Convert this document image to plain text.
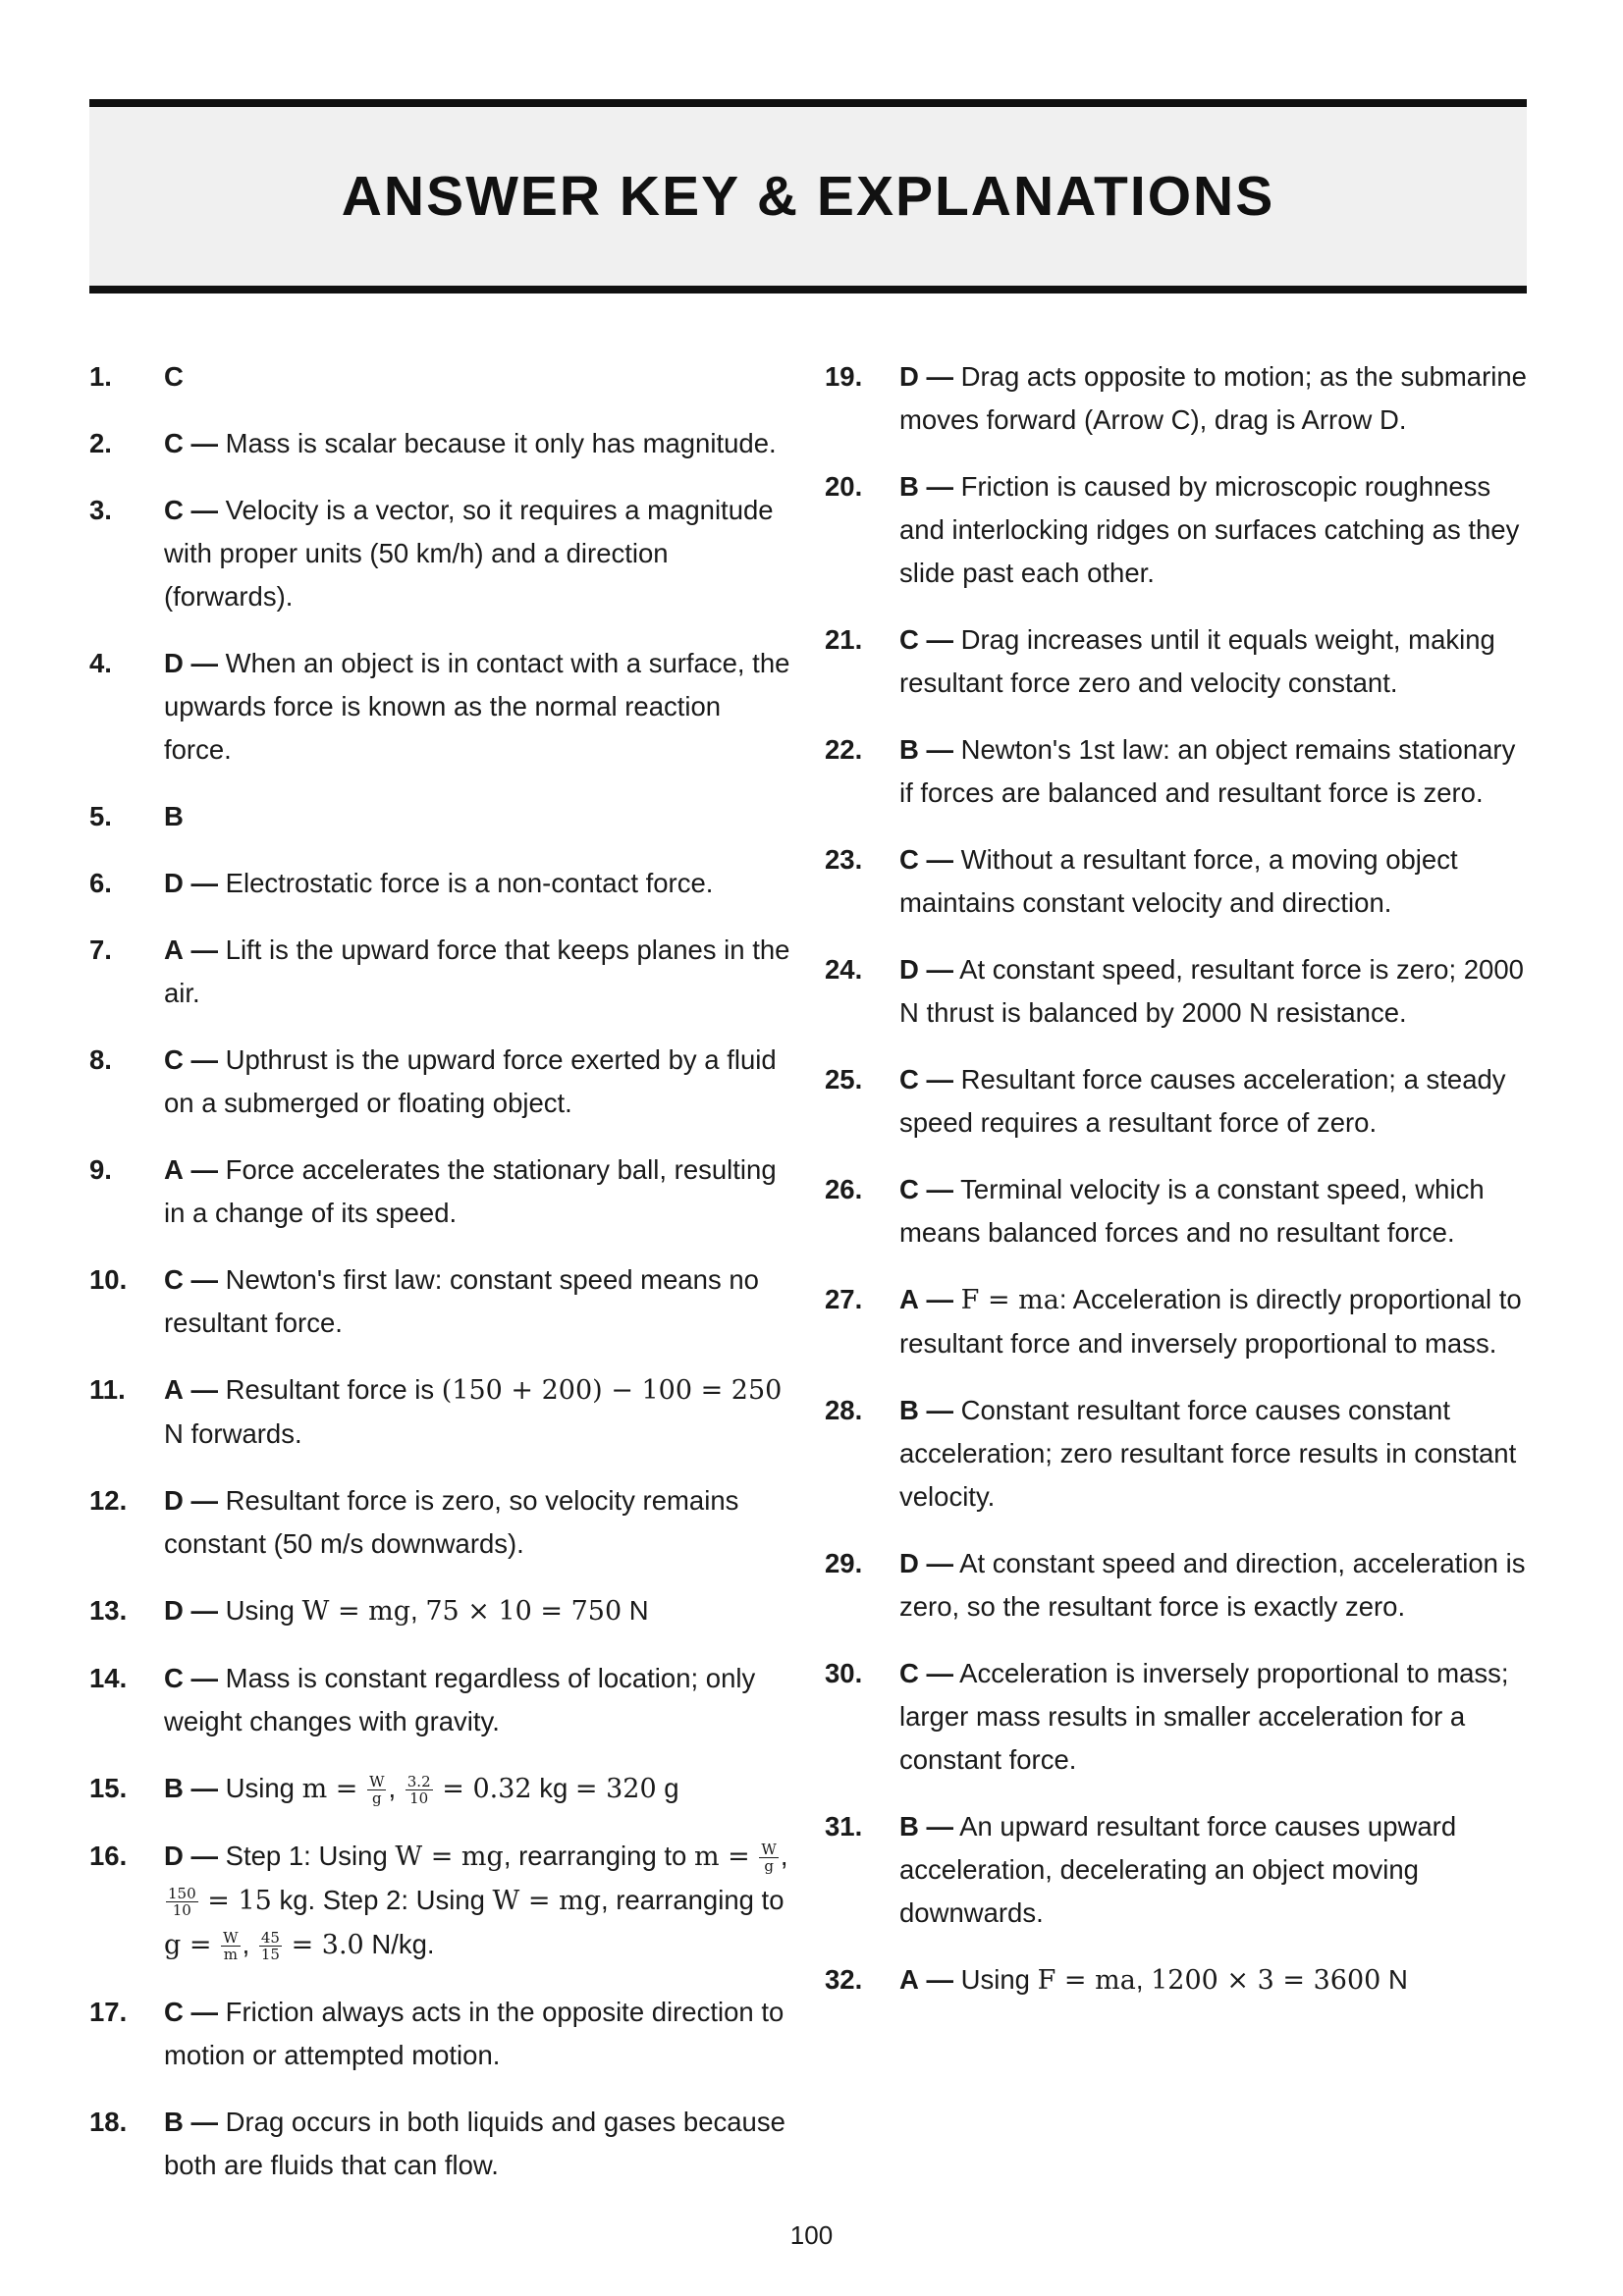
ANSWER KEY & EXPLANATIONS
1.	C
2.	C — Mass is scalar because it only has magnitude.
3.	C — Velocity is a vector, so it requires a magnitude with proper units (50 km/h) and a direction (forwards).
4.	D — When an object is in contact with a surface, the upwards force is known as the normal reaction force.
5.	B
6.	D — Electrostatic force is a non-contact force.
7.	A — Lift is the upward force that keeps planes in the air.
8.	C — Upthrust is the upward force exerted by a fluid on a submerged or floating object.
9.	A — Force accelerates the stationary ball, resulting in a change of its speed.
10.	C — Newton's first law: constant speed means no resultant force.
11.	A — Resultant force is (150 + 200) − 100 = 250 N forwards.
12.	D — Resultant force is zero, so velocity remains constant (50 m/s downwards).
13.	D — Using W = mg, 75 × 10 = 750 N
14.	C — Mass is constant regardless of location; only weight changes with gravity.
15.	B — Using $m = \frac{W}{g}$ , $\frac{3.2}{10} = 0.32$ kg = 320 g
16.	D — Step 1: Using W = mg, rearranging to $m = \frac{W}{g}$ ,
$\frac{150}{10} = 15$ kg. Step 2: Using W = mg, rearranging to $g = \frac{W}{m}$ , $\frac{45}{15} = 3.0$ N/kg.
17.	C — Friction always acts in the opposite direction to motion or attempted motion.
18.	B — Drag occurs in both liquids and gases because both are fluids that can flow.
19.	D — Drag acts opposite to motion; as the submarine moves forward (Arrow C), drag is Arrow D.
20.	B — Friction is caused by microscopic roughness and interlocking ridges on surfaces catching as they slide past each other.
21.	C — Drag increases until it equals weight, making resultant force zero and velocity constant.
22.	B — Newton's 1st law: an object remains stationary if forces are balanced and resultant force is zero.
23.	C — Without a resultant force, a moving object maintains constant velocity and direction.
24.	D — At constant speed, resultant force is zero; 2000 N thrust is balanced by 2000 N resistance.
25.	C — Resultant force causes acceleration; a steady speed requires a resultant force of zero.
26.	C — Terminal velocity is a constant speed, which means balanced forces and no resultant force.
27.	A — F = ma: Acceleration is directly proportional to resultant force and inversely proportional to mass.
28.	B — Constant resultant force causes constant acceleration; zero resultant force results in constant velocity.
29.	D — At constant speed and direction, acceleration is zero, so the resultant force is exactly zero.
30.	C — Acceleration is inversely proportional to mass; larger mass results in smaller acceleration for a constant force.
31.	B — An upward resultant force causes upward acceleration, decelerating an object moving downwards.
32.	A — Using F = ma, 1200 × 3 = 3600 N
100
